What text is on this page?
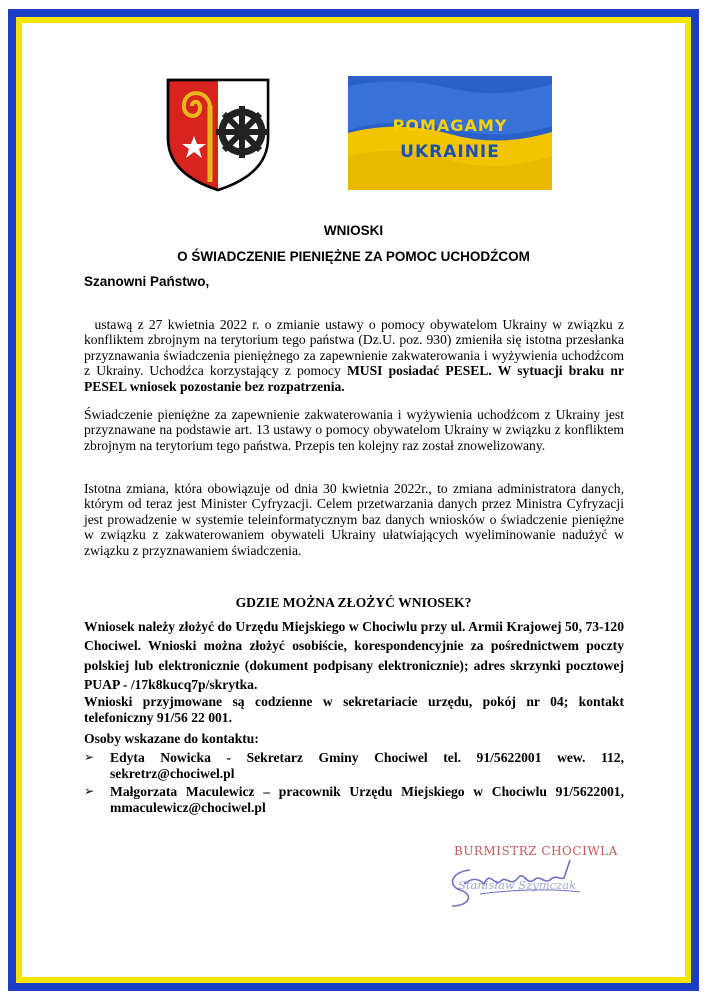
POMAGAMY
UKRAINIE
WNIOSKI
O ŚWIADCZENIE PIENIĘŻNE ZA POMOC UCHODŹCOM
Szanowni Państwo,

ustawą z 27 kwietnia 2022 r. o zmianie ustawy o pomocy obywatelom Ukrainy w związku z konfliktem zbrojnym na terytorium tego państwa (Dz.U. poz. 930) zmieniła się istotna przesłanka przyznawania świadczenia pieniężnego za zapewnienie zakwaterowania i wyżywienia uchodźcom z Ukrainy. Uchodźca korzystający z pomocy MUSI posiadać PESEL. W sytuacji braku nr PESEL wniosek pozostanie bez rozpatrzenia.

Świadczenie pieniężne za zapewnienie zakwaterowania i wyżywienia uchodźcom z Ukrainy jest przyznawane na podstawie art. 13 ustawy o pomocy obywatelom Ukrainy w związku z konfliktem zbrojnym na terytorium tego państwa. Przepis ten kolejny raz został znowelizowany.

Istotna zmiana, która obowiązuje od dnia 30 kwietnia 2022r., to zmiana administratora danych, którym od teraz jest Minister Cyfryzacji. Celem przetwarzania danych przez Ministra Cyfryzacji jest prowadzenie w systemie teleinformatycznym baz danych wniosków o świadczenie pieniężne w związku z zakwaterowaniem obywateli Ukrainy ułatwiających wyeliminowanie nadużyć w związku z przyznawaniem świadczenia.

GDZIE MOŻNA ZŁOŻYĆ WNIOSEK?

Wniosek należy złożyć do Urzędu Miejskiego w Chociwlu przy ul. Armii Krajowej 50, 73-120 Chociwel. Wnioski można złożyć osobiście, korespondencyjnie za pośrednictwem poczty polskiej lub elektronicznie (dokument podpisany elektronicznie); adres skrzynki pocztowej PUAP - /17k8kucq7p/skrytka.

Wnioski przyjmowane są codzienne w sekretariacie urzędu, pokój nr 04; kontakt telefoniczny 91/56 22 001.

Osoby wskazane do kontaktu:

➢ Edyta Nowicka - Sekretarz Gminy Chociwel tel. 91/5622001 wew. 112, sekretrz@chociwel.pl
➢ Małgorzata Maculewicz – pracownik Urzędu Miejskiego w Chociwlu 91/5622001, mmaculewicz@chociwel.pl
BURMISTRZ CHOCIWLA
Stanisław Szymczak
